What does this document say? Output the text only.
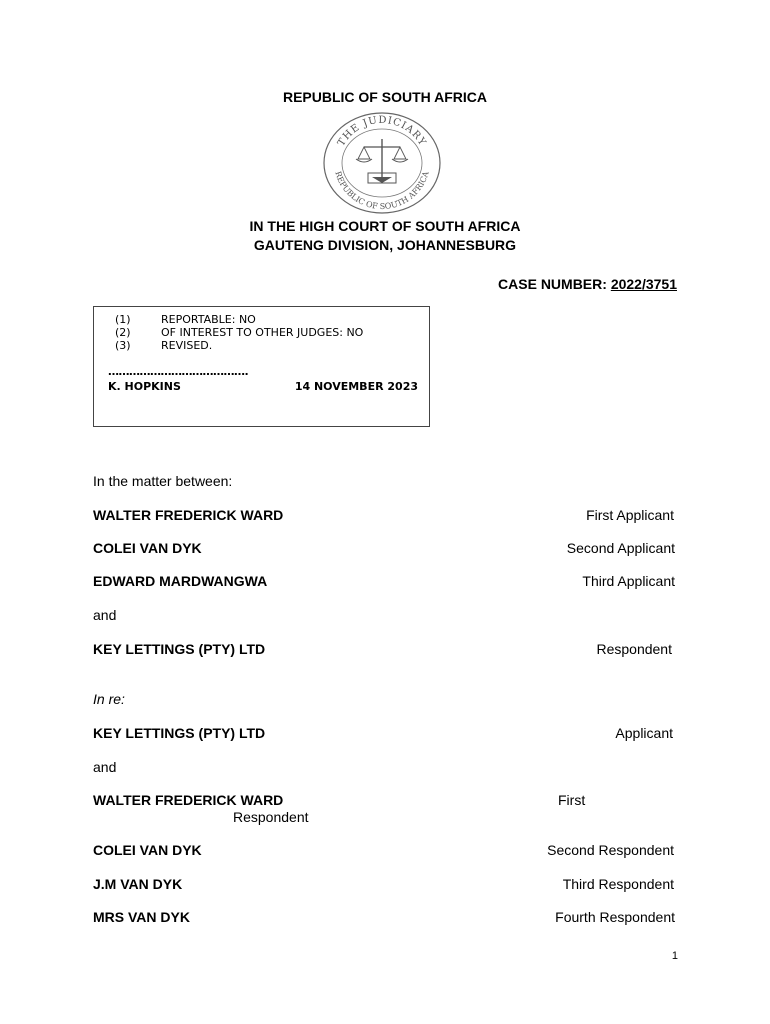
REPUBLIC OF SOUTH AFRICA
THE JUDICIARY
REPUBLIC OF SOUTH AFRICA
IN THE HIGH COURT OF SOUTH AFRICA
GAUTENG DIVISION, JOHANNESBURG
CASE NUMBER: 2022/3751
(1)	REPORTABLE: NO
(2)	OF INTEREST TO OTHER JUDGES: NO
(3)	REVISED.
………………………………….
K. HOPKINS	14 NOVEMBER 2023
In the matter between:
WALTER FREDERICK WARD	First Applicant
COLEI VAN DYK	Second Applicant
EDWARD MARDWANGWA	Third Applicant
and
KEY LETTINGS (PTY) LTD	Respondent
In re:
KEY LETTINGS (PTY) LTD	Applicant
and
WALTER FREDERICK WARD	First
Respondent
COLEI VAN DYK	Second Respondent
J.M VAN DYK	Third Respondent
MRS VAN DYK	Fourth Respondent
1
